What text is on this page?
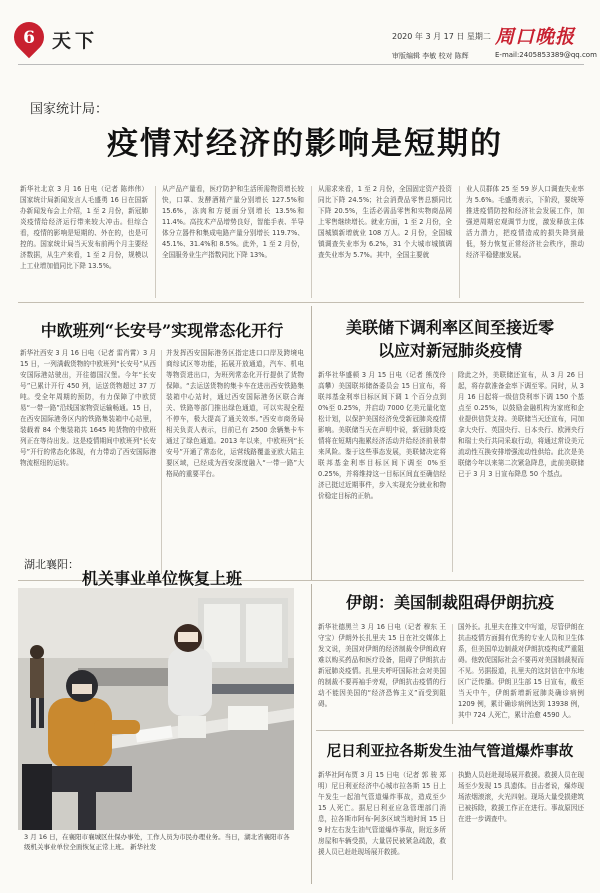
6 天下	2020 年 3 月 17 日 星期二 周口晚报
审版编辑 李敏 校对 陈辉	E-mail:2405853389@qq.com
国家统计局：
疫情对经济的影响是短期的
新华社北京 3 月 16 日电（记者 陈炜伟）国家统计局新闻发言人毛盛勇 16 日在国新办新闻发布会上介绍，1 至 2 月份，新冠肺炎疫情给经济运行带来较大冲击。但综合看，疫情的影响是短期的、外在的，也是可控的。国家统计局当天发布前两个月主要经济数据，从生产来看，1 至 2 月份，规模以上工业增加值同比下降 13.5%。
从产品产量看，医疗防护和生活所需物资增长较快，口罩、发酵酒精产量分别增长 127.5%和 15.6%，冻肉和方便面分别增长 13.5%和 11.4%。高技术产品增势良好，智能手表、半导体分立器件和集成电路产量分别增长 119.7%、45.1%、31.4%和 8.5%。此外，1 至 2 月份，全国服务业生产指数同比下降 13%。
从需求来看，1 至 2 月份，全国固定资产投资同比下降 24.5%；社会消费品零售总额同比下降 20.5%，生活必需品零售和实物商品网上零售继续增长。就业方面，1 至 2 月份，全国城镇新增就业 108 万人。2 月份，全国城镇调查失业率为 6.2%，31 个大城市城镇调查失业率为 5.7%。其中，全国主要就
业人员群体 25 至 59 岁人口调查失业率为 5.6%。毛盛勇表示，下阶段，要统筹推进疫情防控和经济社会发展工作，加强逆周期宏观调节力度，激发释放主体活力潜力，把疫情造成的损失降到最低，努力恢复正常经济社会秩序，推动经济平稳健康发展。
中欧班列“长安号”实现常态化开行
新华社西安 3 月 16 日电（记者 雷肖霄）3 月 15 日，一列满载货物的中欧班列“长安号”从西安国际港站驶出，开往德国汉堡。今年“长安号”已累计开行 450 列，运送货物超过 37 万吨。受全年周期的预防，有力保障了中欧贸易“一带一路”沿线国家物资运输畅通。15 日，在西安国际港务区内的铁路集装箱中心站里，装载着 84 个集装箱共 1645 吨货物的中欧班列正在等待出发。这是疫情期间中欧班列“长安号”开行的常态化体现，有力带动了西安国际港物流枢纽的运转。
并发挥西安国际港务区指定进口口岸及跨境电商综试区等功能，拓展开放通道，汽车、机电等物资进出口，为班列常态化开行提供了货物保障。“去运送货物的集卡车在进出西安铁路集装箱中心站时，通过西安国际港务区联合海关、铁路等部门推出绿色通道，可以实现全程不停车，极大提高了通关效率。”西安市商务局相关负责人表示，目前已有 2500 余辆集卡车通过了绿色通道。2013 年以来，中欧班列“长安号”开通了常态化，运营线路覆盖亚欧大陆主要区域，已经成为西安深度融入“一带一路”大格局的重要平台。
美联储下调利率区间至接近零
以应对新冠肺炎疫情
新华社华盛顿 3 月 15 日电（记者 熊茂伶 高攀）美国联邦储备委员会 15 日宣布，将联邦基金利率目标区间下调 1 个百分点到 0%至 0.25%，并启动 7000 亿美元量化宽松计划，以保护美国经济免受新冠肺炎疫情影响。美联储当天在声明中说，新冠肺炎疫情将在短期内拖累经济活动并给经济前景带来风险。鉴于这些事态发展，美联储决定将联邦基金利率目标区间下调至 0%至 0.25%，并将维持这一目标区间直至确信经济已挺过近期事件，步入实现充分就业和物价稳定目标的正轨。
除此之外，美联储还宣布，从 3 月 26 日起，将存款准备金率下调至零。同时，从 3 月 16 日起将一级信贷利率下调 150 个基点至 0.25%，以鼓励金融机构为家庭和企业提供信贷支持。美联储当天还宣布，同加拿大央行、英国央行、日本央行、欧洲央行和瑞士央行共同采取行动，将通过常设美元流动性互换安排增强流动性供给。此次是美联储今年以来第二次紧急降息，此前美联储已于 3 月 3 日宣布降息 50 个基点。
湖北襄阳：
机关事业单位恢复上班
3 月 16 日，在襄阳市襄城区仕保办事处，工作人员为市民办理业务。当日，湖北省襄阳市各级机关事业单位全面恢复正常上班。 新华社发
伊朗：美国制裁阻碍伊朗抗疫
新华社德黑兰 3 月 16 日电（记者 穆东 王守宝）伊朗外长扎里夫 15 日在社交媒体上发文说，美国对伊朗的经济制裁令伊朗政府难以购买药品和医疗设备，阻碍了伊朗抗击新冠肺炎疫情。扎里夫呼吁国际社会对美国的制裁不要再袖手旁观，伊朗抗击疫情的行动不能因美国的“经济恐怖主义”而受到阻碍。
国外长。扎里夫在推文中写道，尽管伊朗在抗击疫情方面拥有优秀的专业人员和卫生体系，但美国单边制裁对伊朗抗疫构成严重阻碍。他敦促国际社会不要再对美国制裁视而不见。另据报道，扎里夫的这封信在中东地区广泛传播。伊朗卫生部 15 日宣布，截至当天中午，伊朗新增新冠肺炎确诊病例 1209 例，累计确诊病例达到 13938 例，其中 724 人死亡，累计治愈 4590 人。
尼日利亚拉各斯发生油气管道爆炸事故
新华社阿布贾 3 月 15 日电（记者 郭 骏 郑 明）尼日利亚经济中心城市拉各斯 15 日上午发生一起油气管道爆炸事故，造成至少 15 人死亡。据尼日利亚应急管理部门消息，拉各斯市阿布-阿多区域当地时间 15 日 9 时左右发生油气管道爆炸事故，附近多所房屋和车辆受损，大量居民被紧急疏散，救援人员已赶赴现场展开救援。
执勤人员赶赴现场展开救援。救援人员在现场至少发现 15 具遗体。目击者说，爆炸现场浓烟滚滚，火光四射。现场大量受损建筑已被拆除，救援工作正在进行。事故原因还在进一步调查中。
